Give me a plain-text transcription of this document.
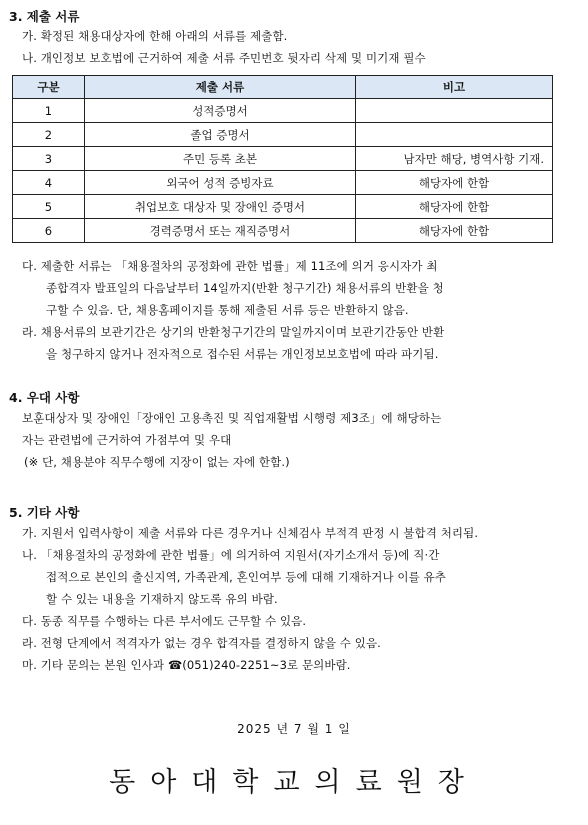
3. 제출 서류
가. 확정된 채용대상자에 한해 아래의 서류를 제출함.
나. 개인정보 보호법에 근거하여 제출 서류 주민번호 뒷자리 삭제 및 미기재 필수
구분	제출 서류	비고
1	성적증명서	
2	졸업 증명서	
3	주민 등록 초본	남자만 해당, 병역사항 기재.
4	외국어 성적 증빙자료	해당자에 한함
5	취업보호 대상자 및 장애인 증명서	해당자에 한함
6	경력증명서 또는 재직증명서	해당자에 한함
다. 제출한 서류는 「채용절차의 공정화에 관한 법률」제 11조에 의거 응시자가 최
종합격자 발표일의 다음날부터 14일까지(반환 청구기간) 채용서류의 반환을 청
구할 수 있음. 단, 채용홈페이지를 통해 제출된 서류 등은 반환하지 않음.
라. 채용서류의 보관기간은 상기의 반환청구기간의 말일까지이며 보관기간동안 반환
을 청구하지 않거나 전자적으로 접수된 서류는 개인정보보호법에 따라 파기됨.
4. 우대 사항
보훈대상자 및 장애인「장애인 고용촉진 및 직업재활법 시행령 제3조」에 해당하는
자는 관련법에 근거하여 가점부여 및 우대
(※ 단, 채용분야 직무수행에 지장이 없는 자에 한함.)
5. 기타 사항
가. 지원서 입력사항이 제출 서류와 다른 경우거나 신체검사 부적격 판정 시 불합격 처리됨.
나. 「채용절차의 공정화에 관한 법률」에 의거하여 지원서(자기소개서 등)에 직·간
접적으로 본인의 출신지역, 가족관계, 혼인여부 등에 대해 기재하거나 이를 유추
할 수 있는 내용을 기재하지 않도록 유의 바람.
다. 동종 직무를 수행하는 다른 부서에도 근무할 수 있음.
라. 전형 단계에서 적격자가 없는 경우 합격자를 결정하지 않을 수 있음.
마. 기타 문의는 본원 인사과 ☎(051)240-2251~3로 문의바람.
2025 년 7 월 1 일
동아대학교의료원장
